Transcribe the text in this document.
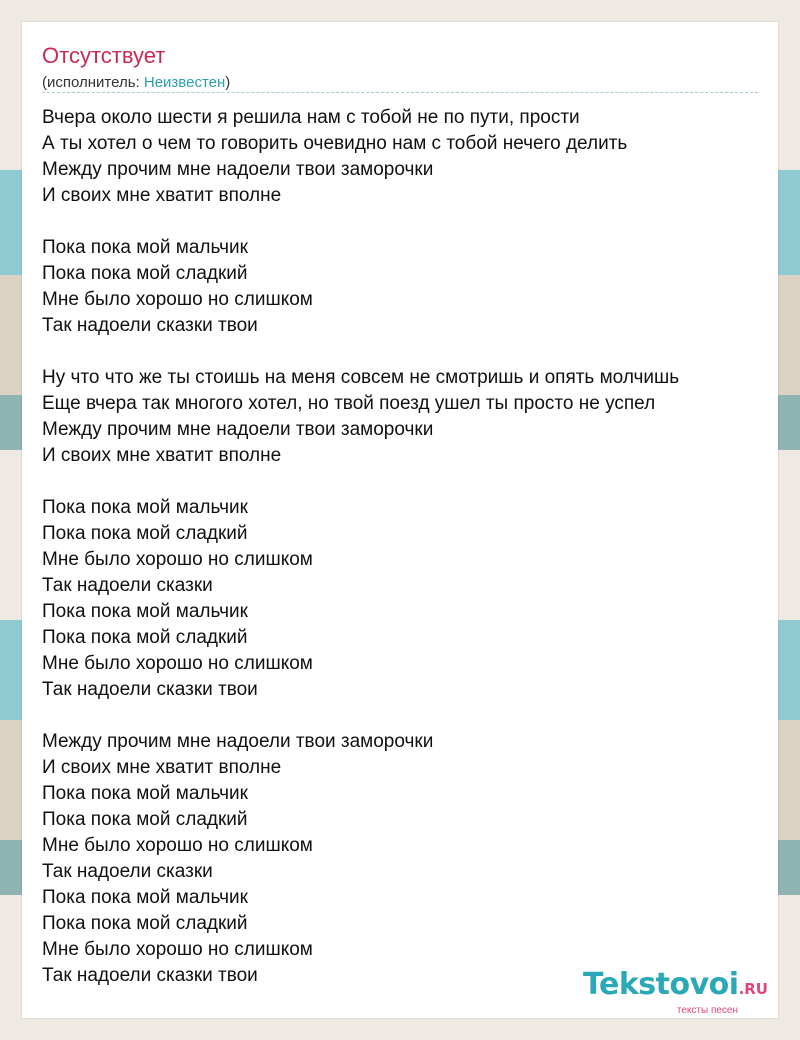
Отсутствует
(исполнитель: Неизвестен)
Вчера около шести я решила нам с тобой не по пути, прости
А ты хотел о чем то говорить очевидно нам с тобой нечего делить
Между прочим мне надоели твои заморочки
И своих мне хватит вполне
Пока пока мой мальчик
Пока пока мой сладкий
Мне было хорошо но слишком
Так надоели сказки твои
Ну что что же ты стоишь на меня совсем не смотришь и опять молчишь
Еще вчера так многого хотел, но твой поезд ушел ты просто не успел
Между прочим мне надоели твои заморочки
И своих мне хватит вполне
Пока пока мой мальчик
Пока пока мой сладкий
Мне было хорошо но слишком
Так надоели сказки
Пока пока мой мальчик
Пока пока мой сладкий
Мне было хорошо но слишком
Так надоели сказки твои
Между прочим мне надоели твои заморочки
И своих мне хватит вполне
Пока пока мой мальчик
Пока пока мой сладкий
Мне было хорошо но слишком
Так надоели сказки
Пока пока мой мальчик
Пока пока мой сладкий
Мне было хорошо но слишком
Так надоели сказки твои	Tekstovoi.RU
тексты песен
